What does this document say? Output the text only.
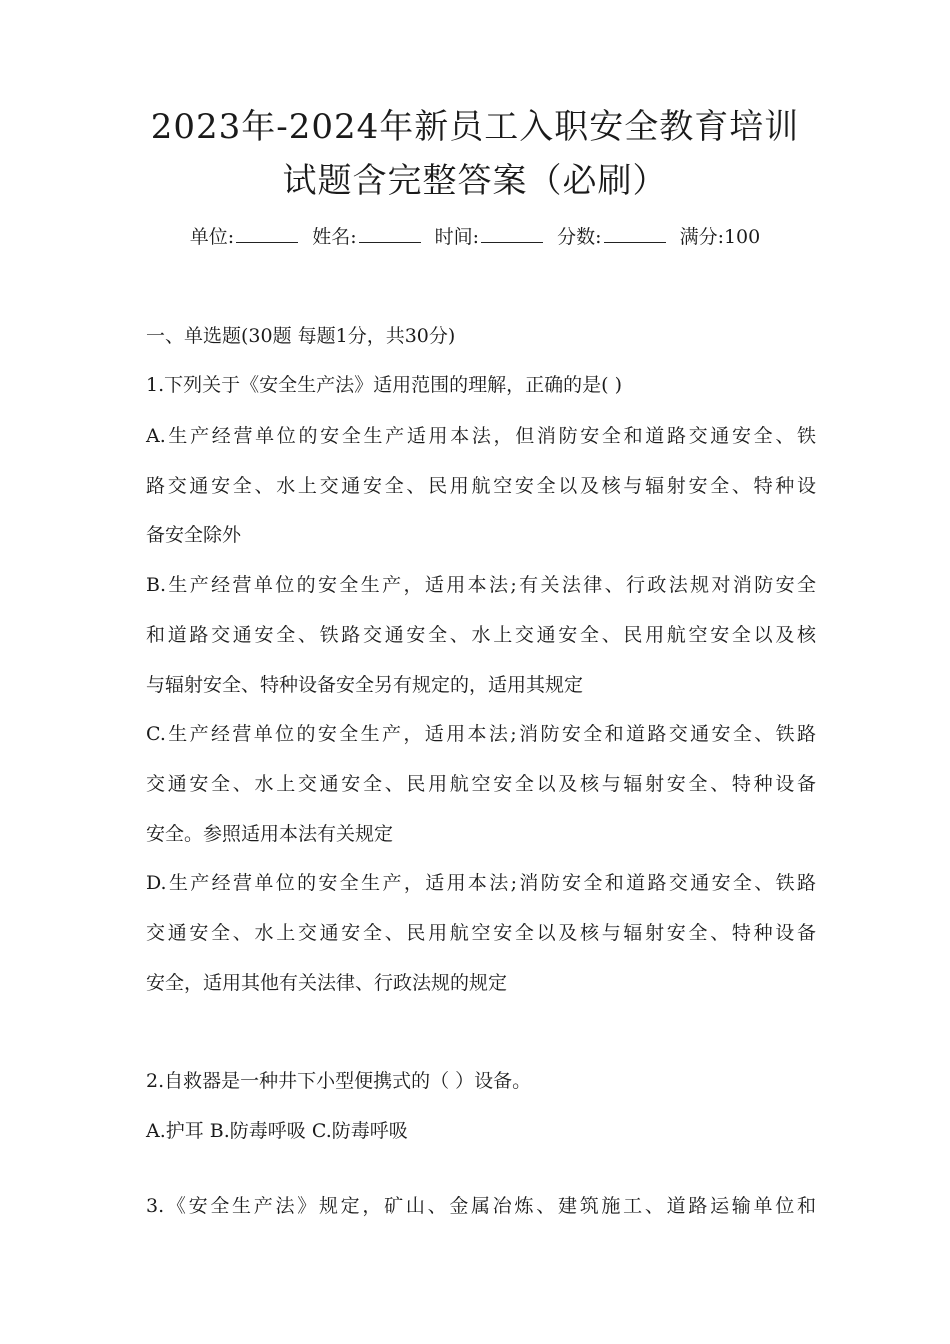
2023年-2024年新员工入职安全教育培训
试题含完整答案（必刷）
单位:	姓名:	时间:	分数:	满分:100
一、单选题(30题 每题1分，共30分)
1.下列关于《安全生产法》适用范围的理解，正确的是( )
A.生产经营单位的安全生产适用本法，但消防安全和道路交通安全、铁
路交通安全、水上交通安全、民用航空安全以及核与辐射安全、特种设
备安全除外
B.生产经营单位的安全生产，适用本法;有关法律、行政法规对消防安全
和道路交通安全、铁路交通安全、水上交通安全、民用航空安全以及核
与辐射安全、特种设备安全另有规定的，适用其规定
C.生产经营单位的安全生产，适用本法;消防安全和道路交通安全、铁路
交通安全、水上交通安全、民用航空安全以及核与辐射安全、特种设备
安全。参照适用本法有关规定
D.生产经营单位的安全生产，适用本法;消防安全和道路交通安全、铁路
交通安全、水上交通安全、民用航空安全以及核与辐射安全、特种设备
安全，适用其他有关法律、行政法规的规定
2.自救器是一种井下小型便携式的（ ）设备。
A.护耳 B.防毒呼吸 C.防毒呼吸
3.《安全生产法》规定，矿山、金属冶炼、建筑施工、道路运输单位和
